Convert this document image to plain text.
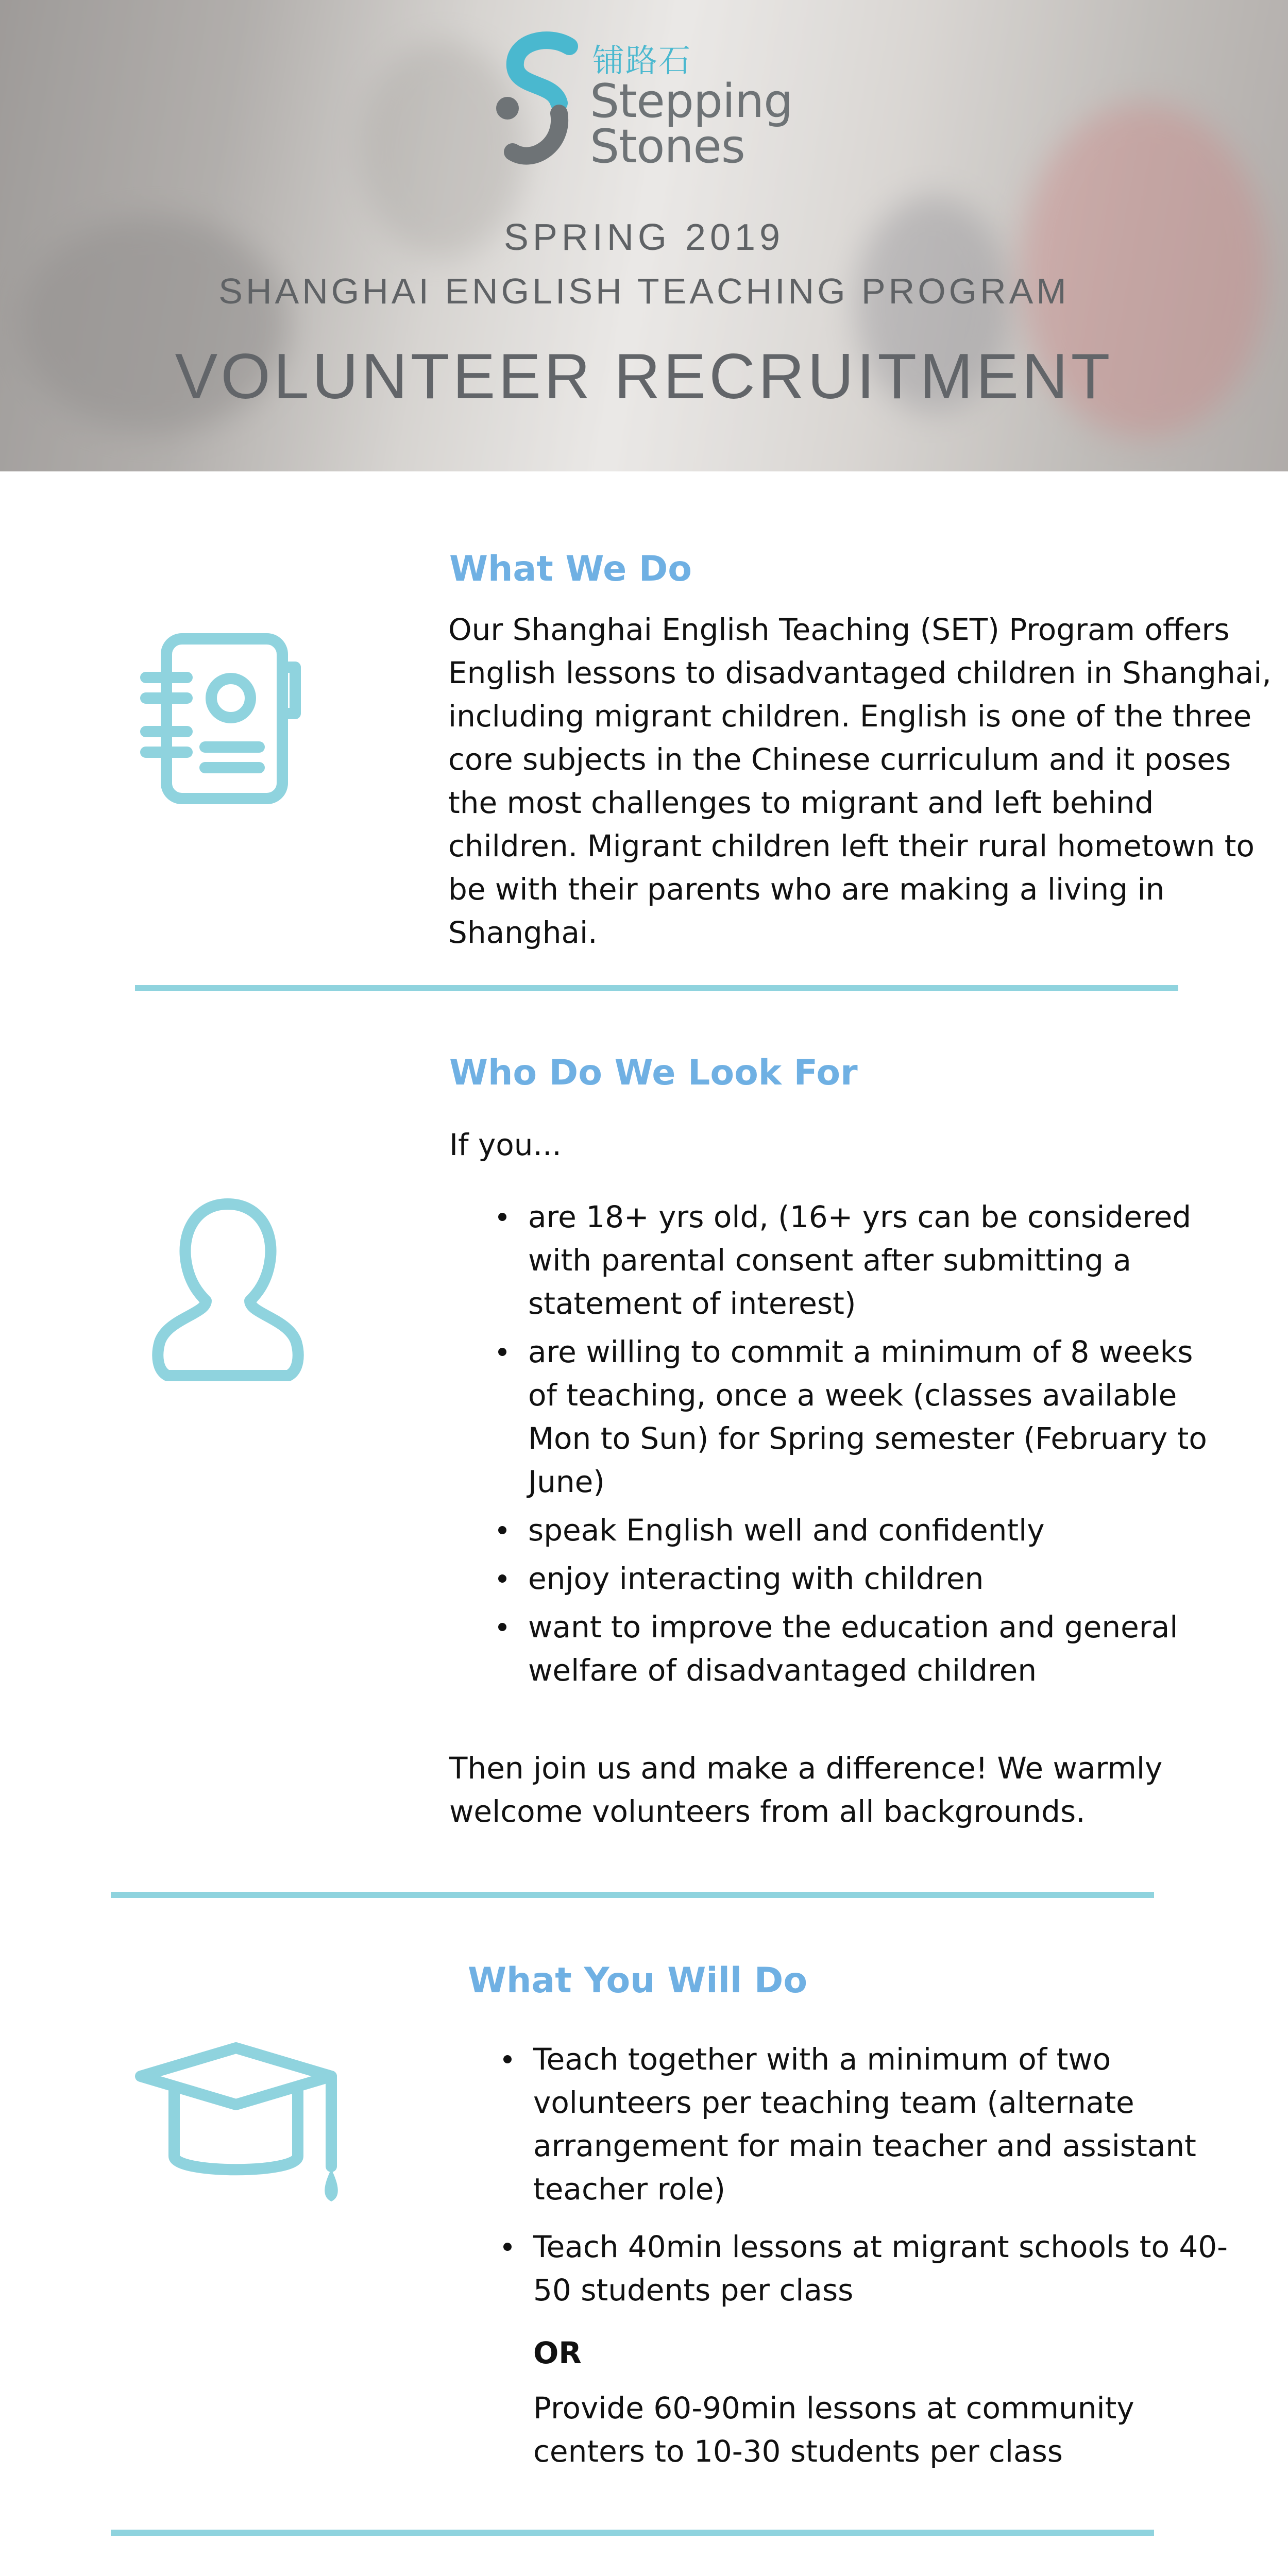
铺路石
Stepping
Stones
SPRING 2019
SHANGHAI ENGLISH TEACHING PROGRAM
VOLUNTEER RECRUITMENT
What We Do
Our Shanghai English Teaching (SET) Program offers
English lessons to disadvantaged children in Shanghai,
including migrant children. English is one of the three
core subjects in the Chinese curriculum and it poses
the most challenges to migrant and left behind
children. Migrant children left their rural hometown to
be with their parents who are making a living in
Shanghai.
Who Do We Look For
If you...
are 18+ yrs old, (16+ yrs can be considered
with parental consent after submitting a
statement of interest)
are willing to commit a minimum of 8 weeks
of teaching, once a week (classes available
Mon to Sun) for Spring semester (February to
June)
speak English well and confidently
enjoy interacting with children
want to improve the education and general
welfare of disadvantaged children
Then join us and make a difference! We warmly
welcome volunteers from all backgrounds.
What You Will Do
Teach together with a minimum of two
volunteers per teaching team (alternate
arrangement for main teacher and assistant
teacher role)
Teach 40min lessons at migrant schools to 40-
50 students per class
OR
Provide 60-90min lessons at community
centers to 10-30 students per class
